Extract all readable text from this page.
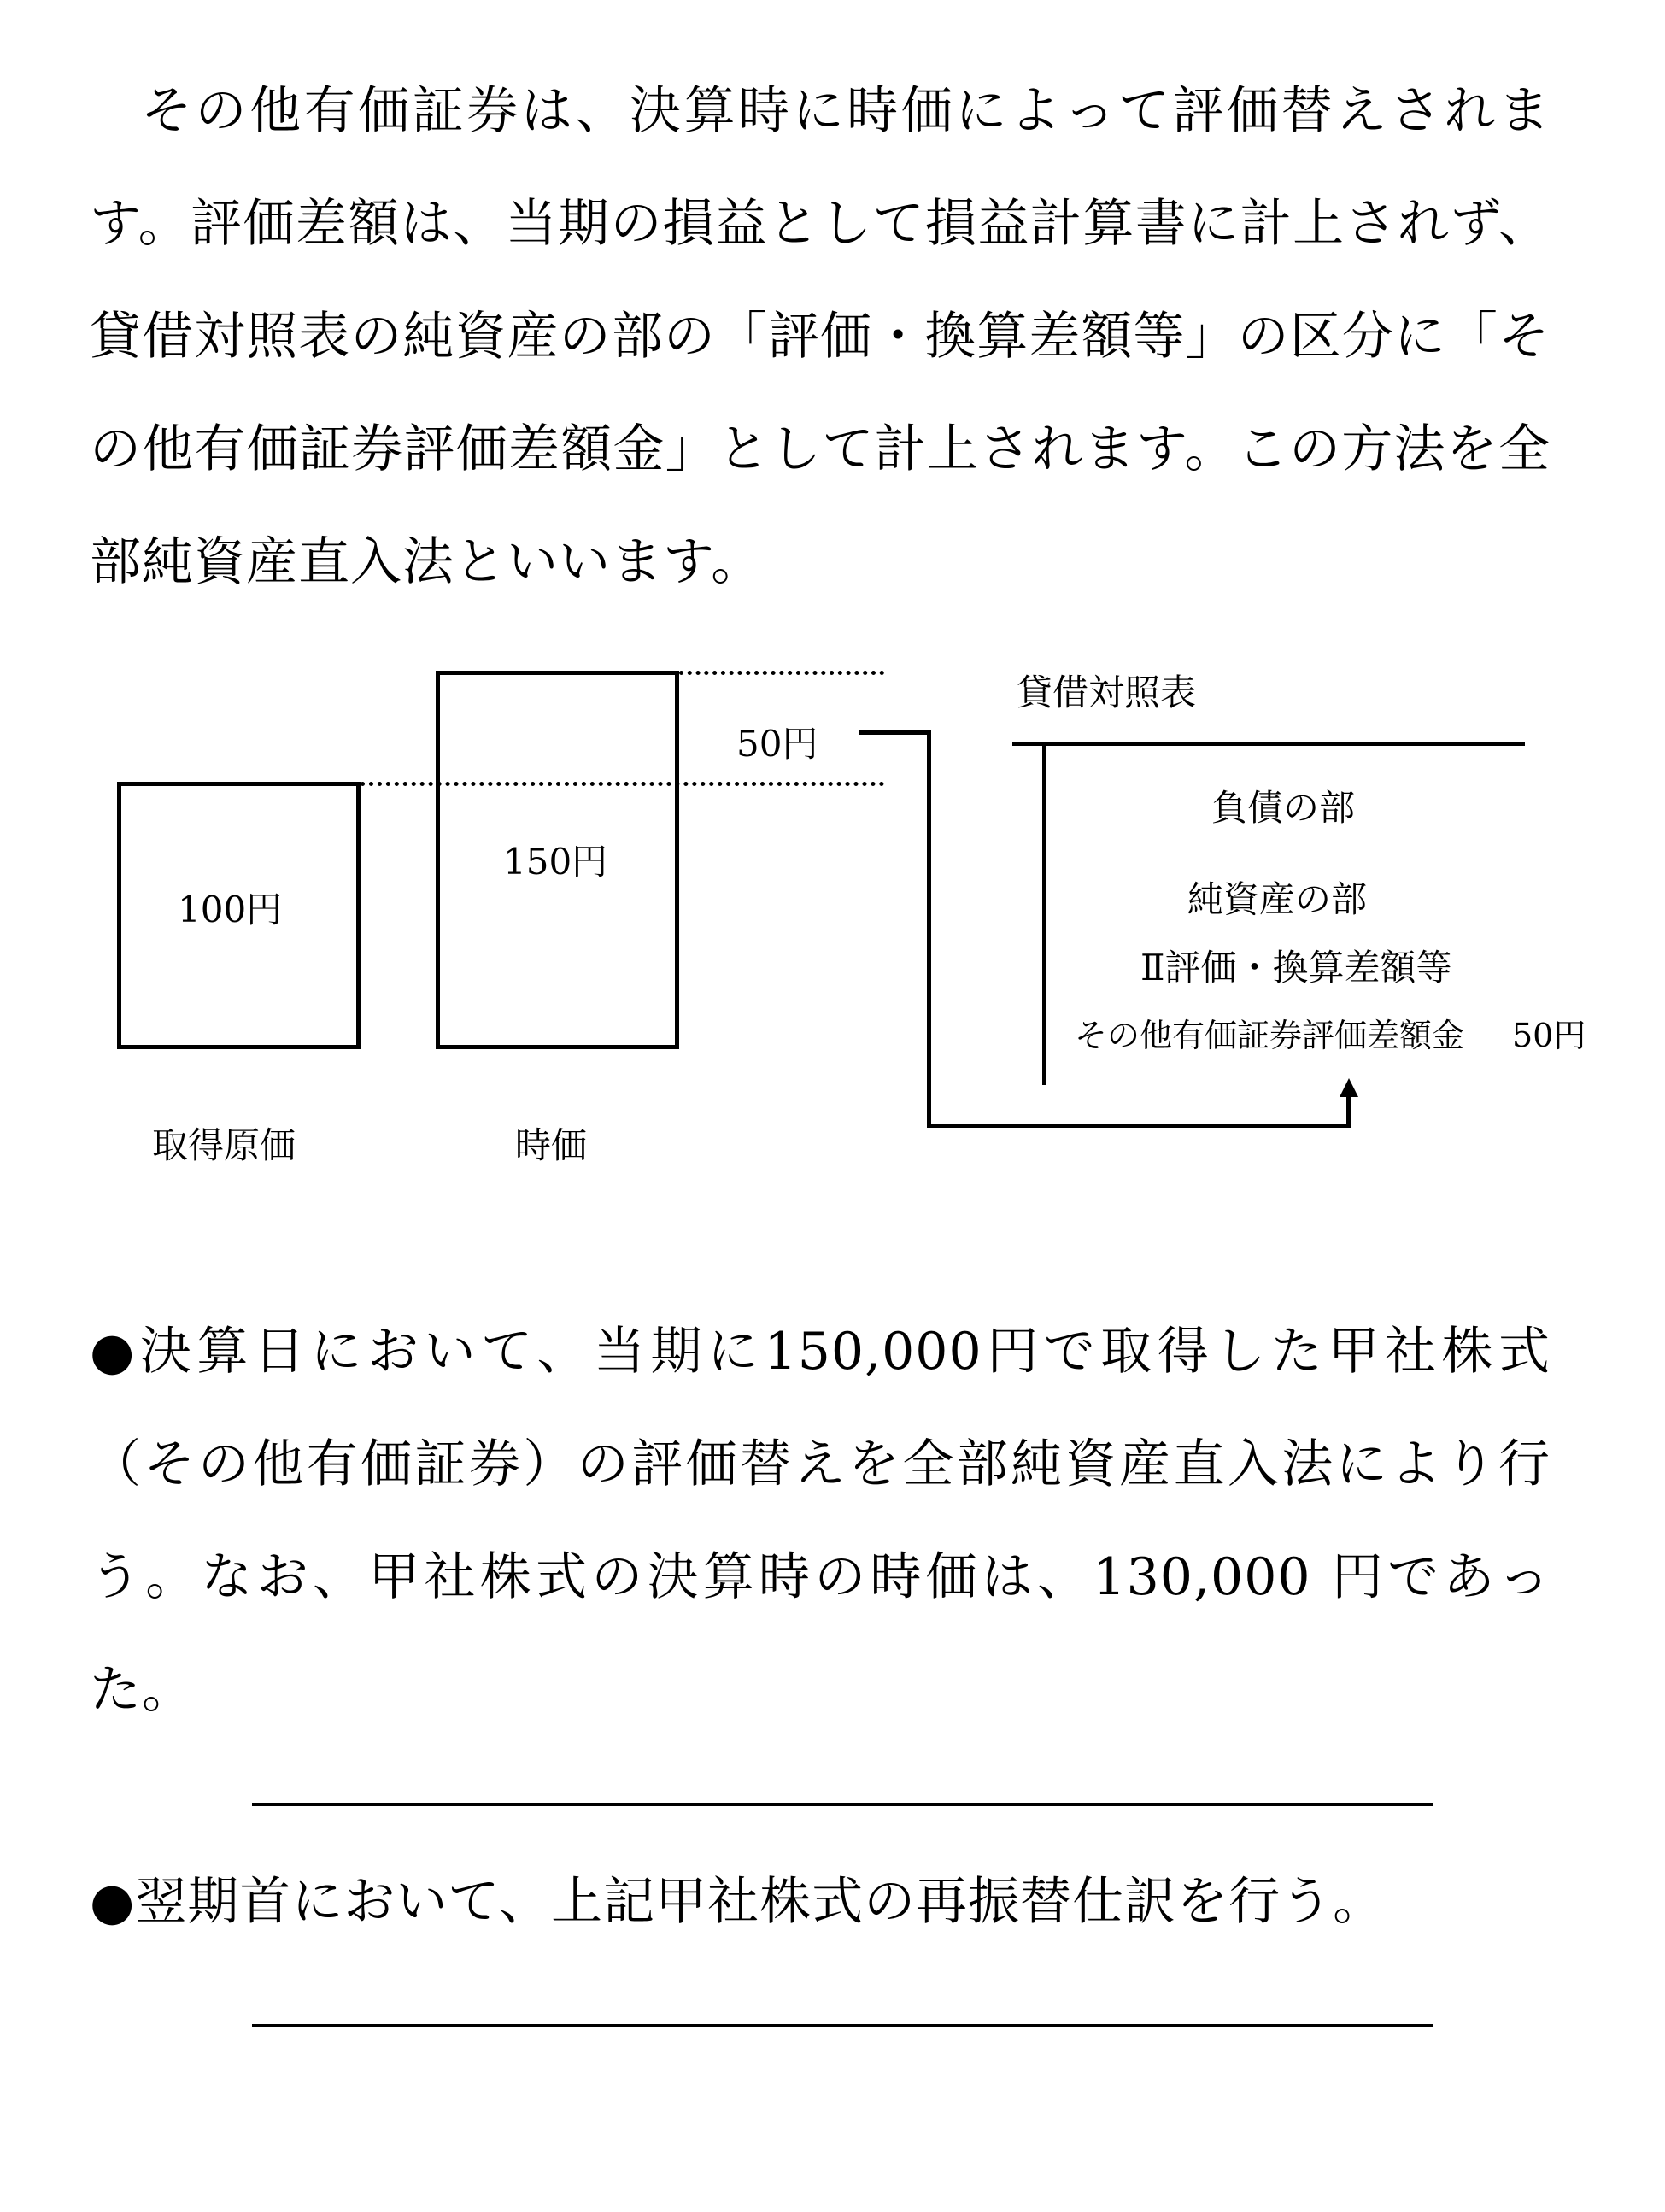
その他有価証券は、決算時に時価によって評価替えされます。評価差額は、当期の損益として損益計算書に計上されず、貸借対照表の純資産の部の「評価・換算差額等」の区分に「その他有価証券評価差額金」として計上されます。この方法を全部純資産直入法といいます。

100円
150円
50円
取得原価	時価
貸借対照表
負債の部
純資産の部
Ⅱ評価・換算差額等
その他有価証券評価差額金 50円

●決算日において、当期に150,000円で取得した甲社株式（その他有価証券）の評価替えを全部純資産直入法により行う。なお、甲社株式の決算時の時価は、130,000 円であった。

●翌期首において、上記甲社株式の再振替仕訳を行う。
